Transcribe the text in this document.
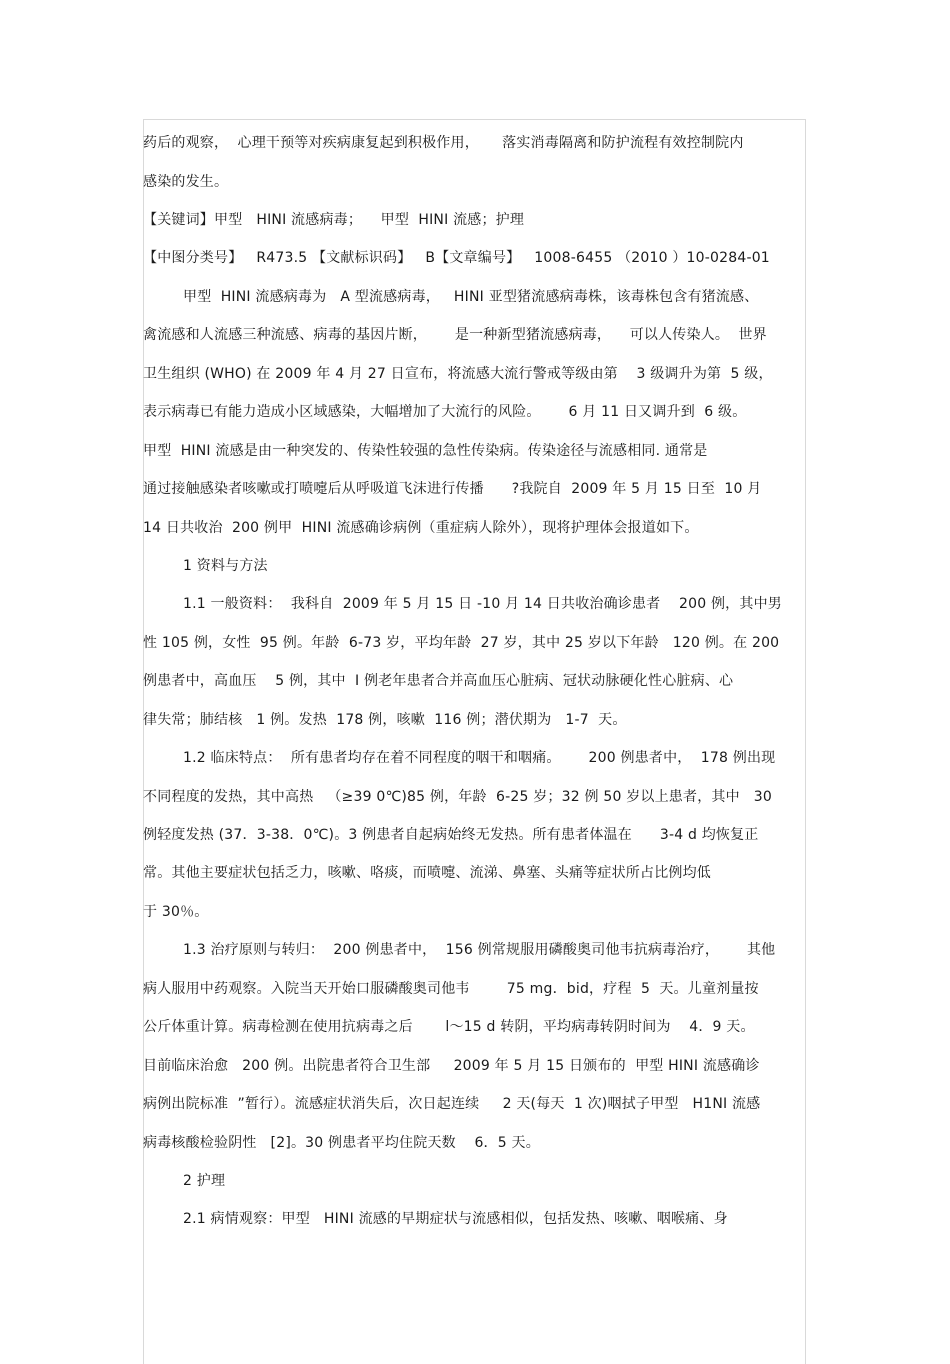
药后的观察，  心理干预等对疾病康复起到积极作用，     落实消毒隔离和防护流程有效控制院内
感染的发生。
【关键词】甲型   HINI 流感病毒；    甲型  HINI 流感；护理
【中图分类号】   R473.5 【文献标识码】   B【文章编号】   1008-6455 （2010 ）10-0284-01
甲型  HINI 流感病毒为   A 型流感病毒，   HINI 亚型猪流感病毒株，该毒株包含有猪流感、
禽流感和人流感三种流感、病毒的基因片断，      是一种新型猪流感病毒，    可以人传染人。  世界
卫生组织 (WHO) 在 2009 年 4 月 27 日宣布，将流感大流行警戒等级由第    3 级调升为第  5 级，
表示病毒已有能力造成小区域感染，大幅增加了大流行的风险。      6 月 11 日又调升到  6 级。
甲型  HINI 流感是由一种突发的、传染性较强的急性传染病。传染途径与流感相同. 通常是
通过接触感染者咳嗽或打喷嚏后从呼吸道飞沫进行传播      ?我院自  2009 年 5 月 15 日至  10 月
14 日共收治  200 例甲  HINI 流感确诊病例（重症病人除外），现将护理体会报道如下。
1 资料与方法
1.1 一般资料：  我科自  2009 年 5 月 15 日 -10 月 14 日共收治确诊患者    200 例，其中男
性 105 例，女性  95 例。年龄  6-73 岁，平均年龄  27 岁，其中 25 岁以下年龄   120 例。在 200
例患者中，高血压    5 例，其中  I 例老年患者合并高血压心脏病、冠状动脉硬化性心脏病、心
律失常；肺结核   1 例。发热  178 例，咳嗽  116 例；潜伏期为   1-7  天。
1.2 临床特点：  所有患者均存在着不同程度的咽干和咽痛。      200 例患者中，  178 例出现
不同程度的发热，其中高热   （≥39 0℃)85 例，年龄  6-25 岁；32 例 50 岁以上患者，其中   30
例轻度发热 (37．3-38．0℃)。3 例患者自起病始终无发热。所有患者体温在      3-4 d 均恢复正
常。其他主要症状包括乏力，咳嗽、咯痰，而喷嚏、流涕、鼻塞、头痛等症状所占比例均低
于 30％。
1.3 治疗原则与转归：  200 例患者中，  156 例常规服用磷酸奥司他韦抗病毒治疗，      其他
病人服用中药观察。入院当天开始口服磷酸奥司他韦        75 mg．bid，疗程  5  天。儿童剂量按
公斤体重计算。病毒检测在使用抗病毒之后       l～15 d 转阴，平均病毒转阴时间为    4．9 天。
目前临床治愈   200 例。出院患者符合卫生部     2009 年 5 月 15 日颁布的  甲型 HINI 流感确诊
病例出院标准  ”暂行）。流感症状消失后，次日起连续     2 天(每天  1 次)咽拭子甲型   H1NI 流感
病毒核酸检验阴性   [2]。30 例患者平均住院天数    6．5 天。
2 护理
2.1 病情观察：甲型   HINI 流感的早期症状与流感相似，包括发热、咳嗽、咽喉痛、身
